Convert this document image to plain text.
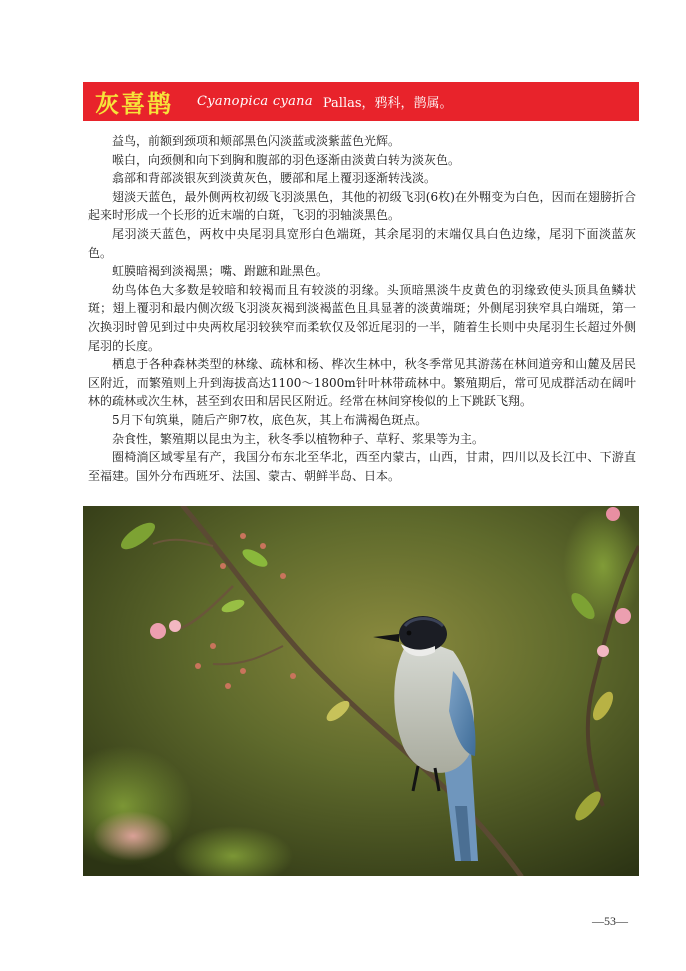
灰喜鹊 Cyanopica cyana Pallas， 鸦科，鹊属。

益鸟，前额到颈项和颊部黑色闪淡蓝或淡紫蓝色光辉。

喉白，向颈侧和向下到胸和腹部的羽色逐渐由淡黄白转为淡灰色。

翕部和背部淡银灰到淡黄灰色，腰部和尾上覆羽逐渐转浅淡。

翅淡天蓝色，最外侧两枚初级飞羽淡黑色，其他的初级飞羽(6枚)在外翈变为白色，因而在翅膀折合起来时形成一个长形的近末端的白斑，飞羽的羽轴淡黑色。

尾羽淡天蓝色，两枚中央尾羽具宽形白色端斑，其余尾羽的末端仅具白色边缘，尾羽下面淡蓝灰色。

虹膜暗褐到淡褐黑；嘴、跗蹠和趾黑色。

幼鸟体色大多数是较暗和较褐而且有较淡的羽缘。头顶暗黑淡牛皮黄色的羽缘致使头顶具鱼鳞状斑；翅上覆羽和最内侧次级飞羽淡灰褐到淡褐蓝色且具显著的淡黄端斑；外侧尾羽狭窄具白端斑，第一次换羽时曾见到过中央两枚尾羽较狭窄而柔软仅及邻近尾羽的一半，随着生长则中央尾羽生长超过外侧尾羽的长度。

栖息于各种森林类型的林缘、疏林和杨、桦次生林中，秋冬季常见其游荡在林间道旁和山麓及居民区附近，而繁殖则上升到海拔高达1100～1800m针叶林带疏林中。繁殖期后，常可见成群活动在阔叶林的疏林或次生林，甚至到农田和居民区附近。经常在林间穿梭似的上下跳跃飞翔。

5月下旬筑巢，随后产卵7枚，底色灰，其上布满褐色斑点。

杂食性，繁殖期以昆虫为主，秋冬季以植物种子、草籽、浆果等为主。

圈椅淌区域零星有产，我国分布东北至华北，西至内蒙古，山西，甘肃，四川以及长江中、下游直至福建。国外分布西班牙、法国、蒙古、朝鲜半岛、日本。

—53—
